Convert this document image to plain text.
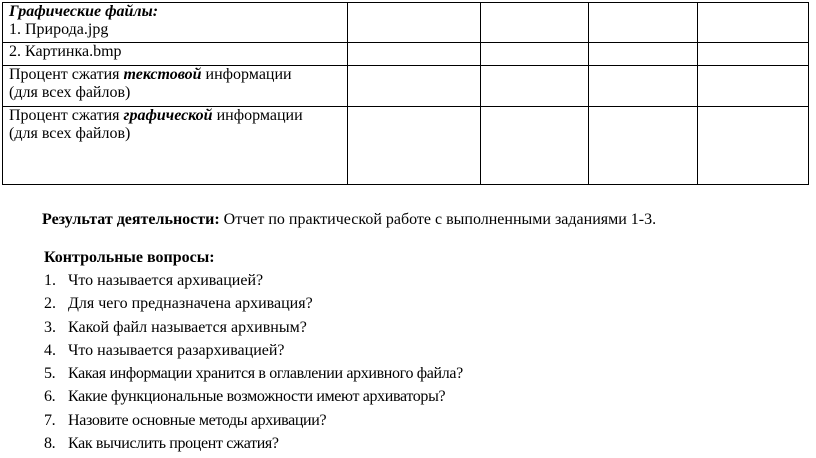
Графические файлы:
1. Природа.jpg				

2. Картинка.bmp				

Процент сжатия текстовой информации
(для всех файлов)				

Процент сжатия графической информации
(для всех файлов)				

Результат деятельности: Отчет по практической работе с выполненными заданиями 1-3.
Контрольные вопросы:
1. Что называется архивацией?
2. Для чего предназначена архивация?
3. Какой файл называется архивным?
4. Что называется разархивацией?
5. Какая информации хранится в оглавлении архивного файла?
6. Какие функциональные возможности имеют архиваторы?
7. Назовите основные методы архивации?
8. Как вычислить процент сжатия?
